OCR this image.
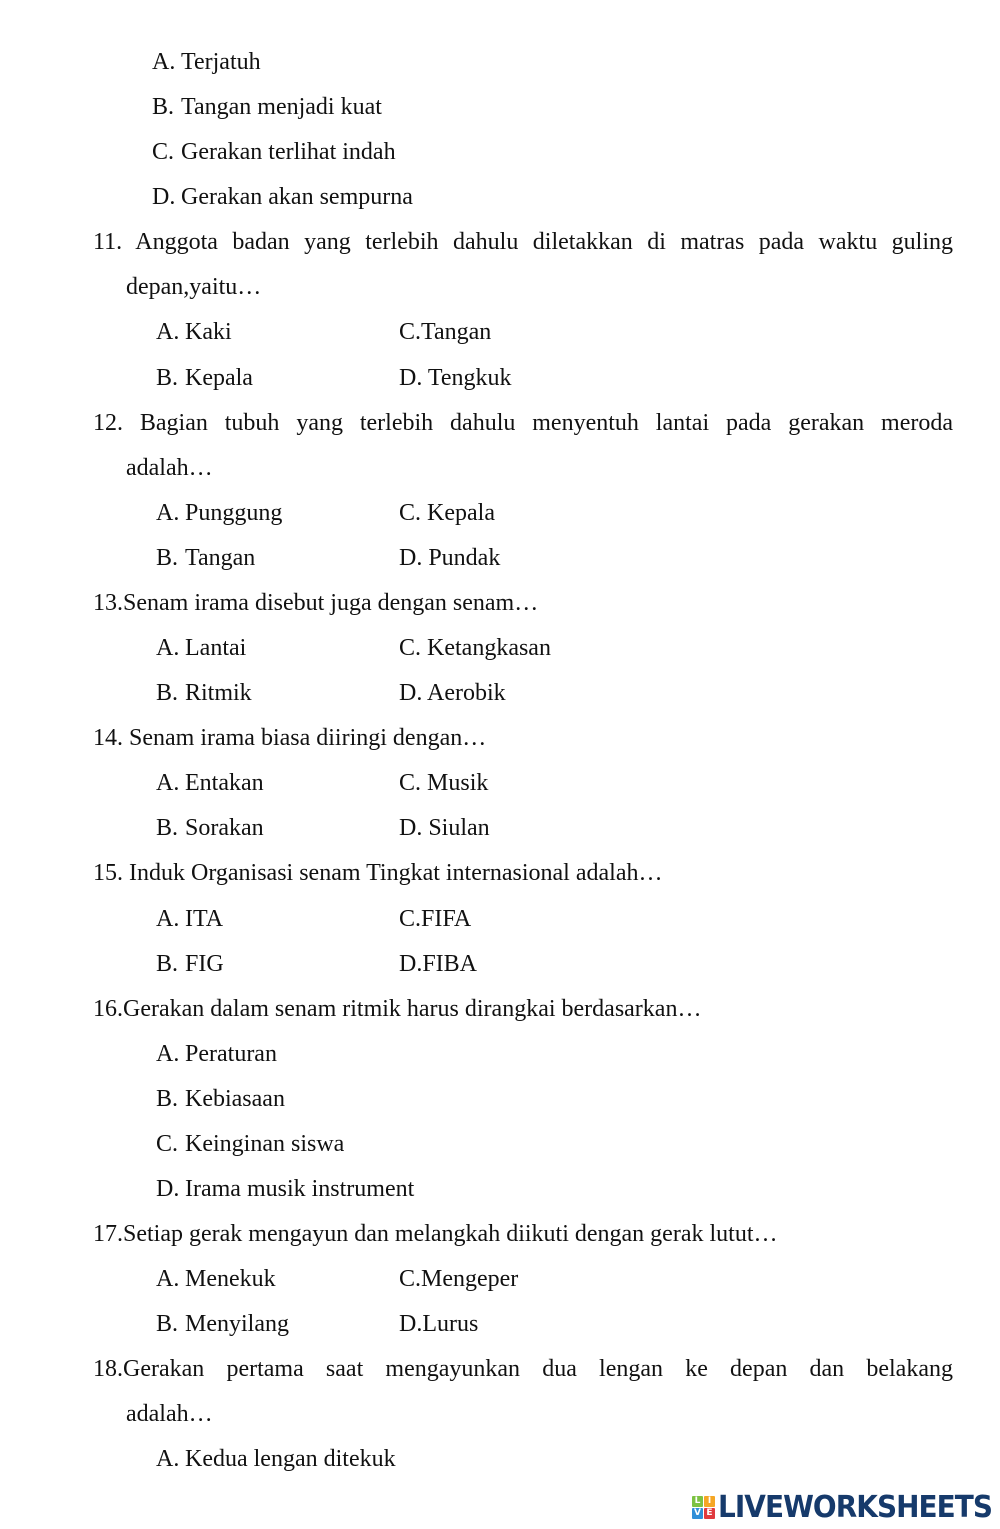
A. Terjatuh
B. Tangan menjadi kuat
C. Gerakan terlihat indah
D. Gerakan akan sempurna
11. Anggota badan yang terlebih dahulu diletakkan di matras pada waktu guling
depan,yaitu…
A. Kaki	C.Tangan
B. Kepala	D. Tengkuk
12. Bagian tubuh yang terlebih dahulu menyentuh lantai pada gerakan meroda
adalah…
A. Punggung	C. Kepala
B. Tangan	D. Pundak
13.Senam irama disebut juga dengan senam…
A. Lantai	C. Ketangkasan
B. Ritmik	D. Aerobik
14. Senam irama biasa diiringi dengan…
A. Entakan	C. Musik
B. Sorakan	D. Siulan
15. Induk Organisasi senam Tingkat internasional adalah…
A. ITA	C.FIFA
B. FIG	D.FIBA
16.Gerakan dalam senam ritmik harus dirangkai berdasarkan…
A. Peraturan
B. Kebiasaan
C. Keinginan siswa
D. Irama musik instrument
17.Setiap gerak mengayun dan melangkah diikuti dengan gerak lutut…
A. Menekuk	C.Mengeper
B. Menyilang	D.Lurus
18.Gerakan pertama saat mengayunkan dua lengan ke depan dan belakang
adalah…
A. Kedua lengan ditekuk
L I
V E LIVEWORKSHEETS
